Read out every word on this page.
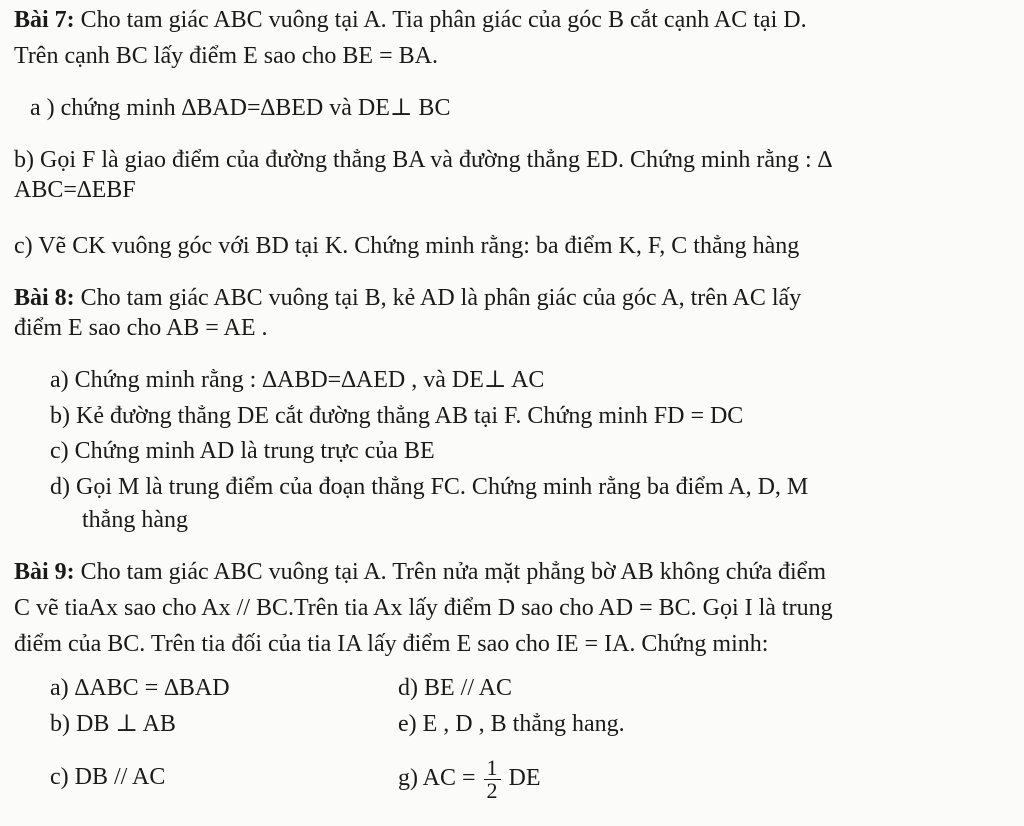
Bài 7: Cho tam giác ABC vuông tại A. Tia phân giác của góc B cắt cạnh AC tại D.
Trên cạnh BC lấy điểm E sao cho BE = BA.
a ) chứng minh ∆BAD=∆BED và DE⊥ BC
b) Gọi F là giao điểm của đường thẳng BA và đường thẳng ED. Chứng minh rằng : ∆
ABC=∆EBF
c) Vẽ CK vuông góc với BD tại K. Chứng minh rằng: ba điểm K, F, C thẳng hàng
Bài 8: Cho tam giác ABC vuông tại B, kẻ AD là phân giác của góc A, trên AC lấy
điểm E sao cho AB = AE .
a) Chứng minh rằng : ∆ABD=∆AED , và DE⊥ AC
b) Kẻ đường thẳng DE cắt đường thẳng AB tại F. Chứng minh FD = DC
c) Chứng minh AD là trung trực của BE
d) Gọi M là trung điểm của đoạn thẳng FC. Chứng minh rằng ba điểm A, D, M
thẳng hàng
Bài 9: Cho tam giác ABC vuông tại A. Trên nửa mặt phẳng bờ AB không chứa điểm
C vẽ tiaAx sao cho Ax // BC.Trên tia Ax lấy điểm D sao cho AD = BC. Gọi I là trung
điểm của BC. Trên tia đối của tia IA lấy điểm E sao cho IE = IA. Chứng minh:
a) ∆ABC = ∆BAD	d) BE // AC
b) DB ⊥ AB	e) E , D , B thẳng hang.
c) DB // AC	g) AC = $\frac{1}{2}$ DE
